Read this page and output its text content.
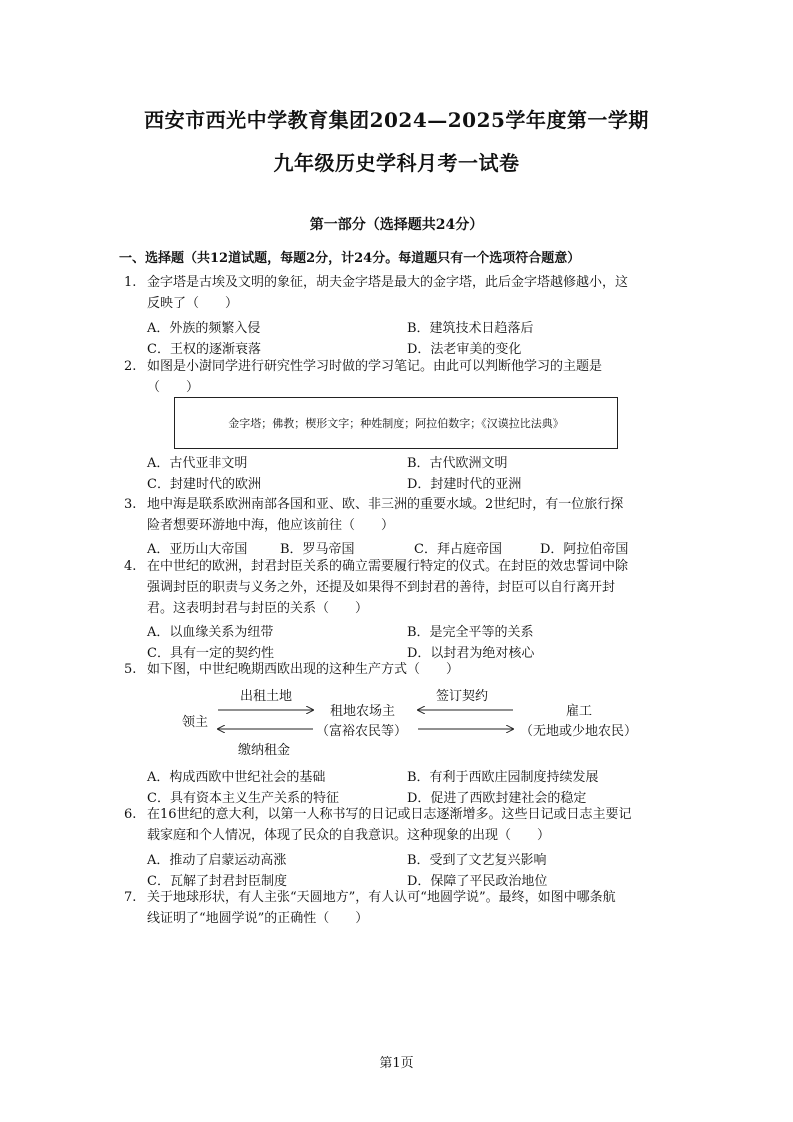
西安市西光中学教育集团2024—2025学年度第一学期
九年级历史学科月考一试卷
第一部分（选择题共24分）
一、选择题（共12道试题，每题2分，计24分。每道题只有一个选项符合题意）
1. 金字塔是古埃及文明的象征，胡夫金字塔是最大的金字塔，此后金字塔越修越小，这
反映了（　　）
A．外族的频繁入侵	B．建筑技术日趋落后
C．王权的逐渐衰落	D．法老审美的变化
2. 如图是小澍同学进行研究性学习时做的学习笔记。由此可以判断他学习的主题是
（　　）
金字塔；佛教；楔形文字；种姓制度；阿拉伯数字；《汉谟拉比法典》
A．古代亚非文明	B．古代欧洲文明
C．封建时代的欧洲	D．封建时代的亚洲
3. 地中海是联系欧洲南部各国和亚、欧、非三洲的重要水域。2世纪时，有一位旅行探
险者想要环游地中海，他应该前往（　　）
A．亚历山大帝国	B．罗马帝国	C．拜占庭帝国	D．阿拉伯帝国
4. 在中世纪的欧洲，封君封臣关系的确立需要履行特定的仪式。在封臣的效忠誓词中除
强调封臣的职责与义务之外，还提及如果得不到封君的善待，封臣可以自行离开封
君。这表明封君与封臣的关系（　　）
A．以血缘关系为纽带	B．是完全平等的关系
C．具有一定的契约性	D．以封君为绝对核心
5. 如下图，中世纪晚期西欧出现的这种生产方式（　　）
出租土地
领主
缴纳租金
租地农场主
（富裕农民等）
签订契约
雇工
（无地或少地农民）
A．构成西欧中世纪社会的基础	B．有利于西欧庄园制度持续发展
C．具有资本主义生产关系的特征	D．促进了西欧封建社会的稳定
6. 在16世纪的意大利，以第一人称书写的日记或日志逐渐增多。这些日记或日志主要记
载家庭和个人情况，体现了民众的自我意识。这种现象的出现（　　）
A．推动了启蒙运动高涨	B．受到了文艺复兴影响
C．瓦解了封君封臣制度	D．保障了平民政治地位
7. 关于地球形状，有人主张“天圆地方”，有人认可“地圆学说”。最终，如图中哪条航
线证明了“地圆学说”的正确性（　　）
第1页
